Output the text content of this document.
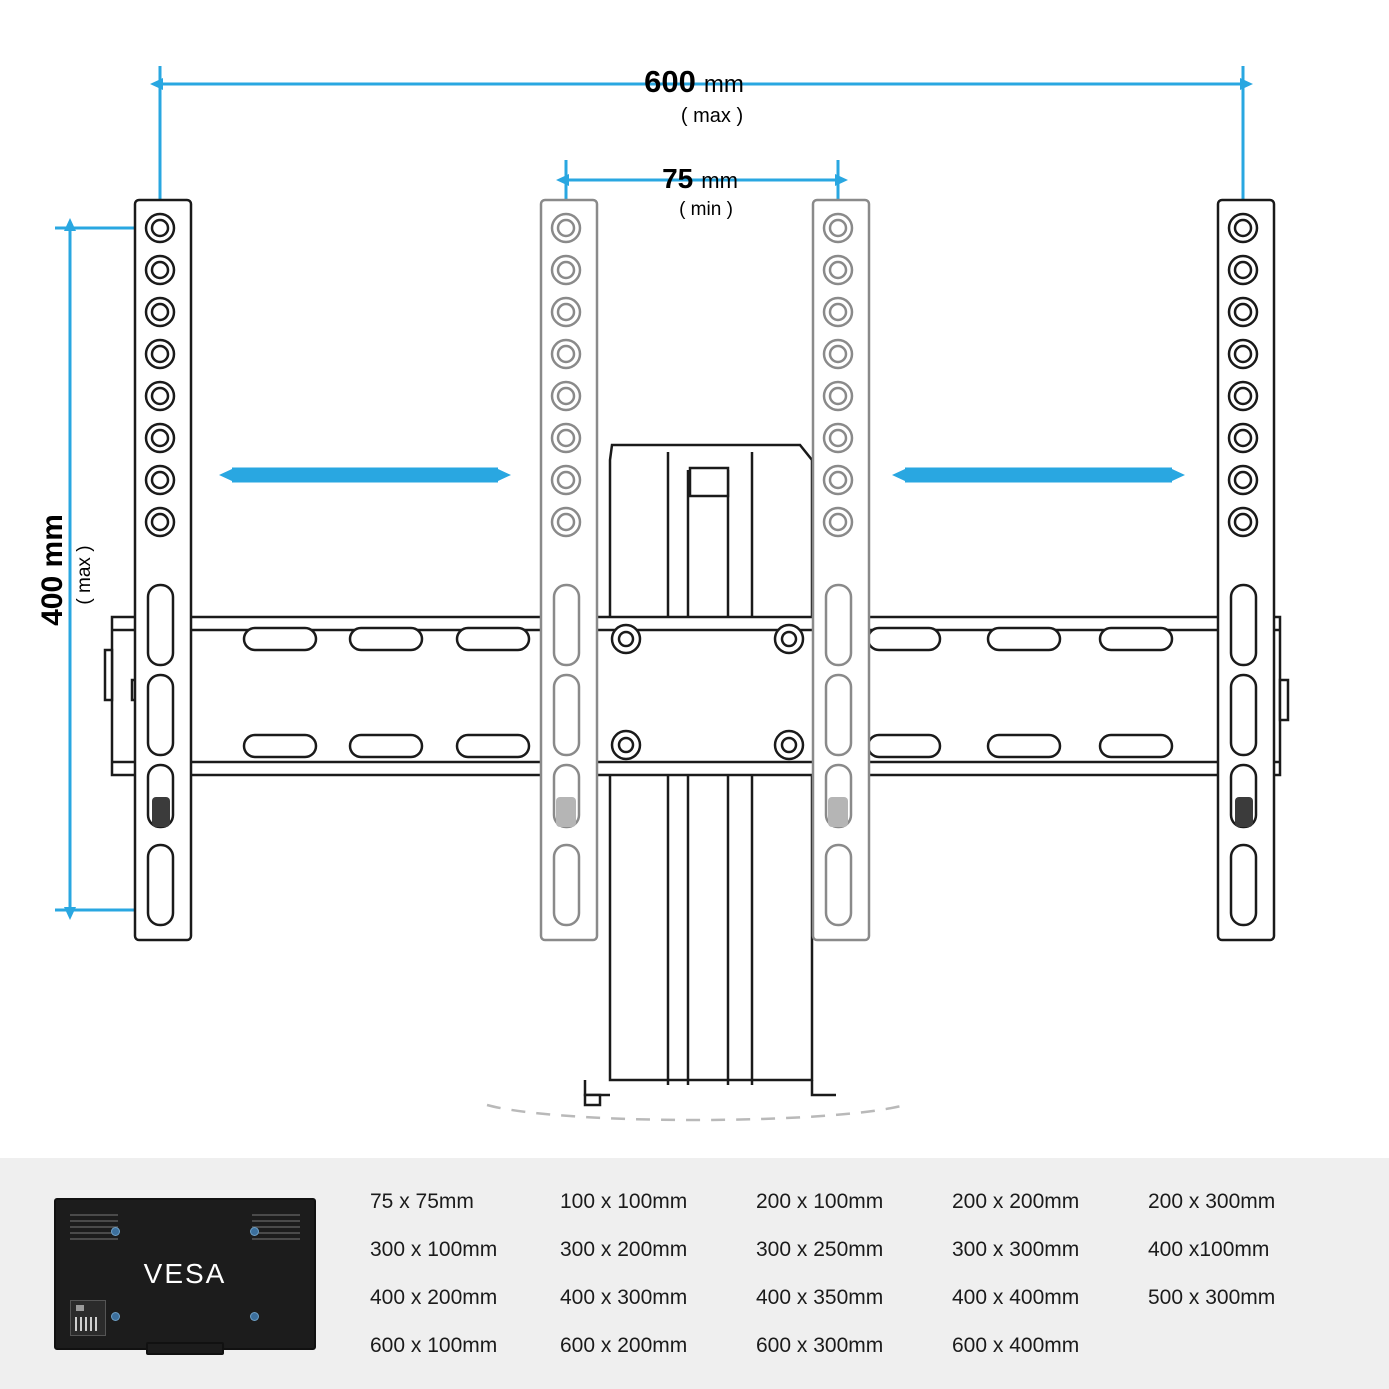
600 mm
( max )
75 mm
( min )
400 mm ( max )
VESA
75 x 75mm	100 x 100mm	200 x 100mm	200 x 200mm	200 x 300mm
300 x 100mm	300 x 200mm	300 x 250mm	300 x 300mm	400 x100mm
400 x 200mm	400 x 300mm	400 x 350mm	400 x 400mm	500 x 300mm
600 x 100mm	600 x 200mm	600 x 300mm	600 x 400mm
